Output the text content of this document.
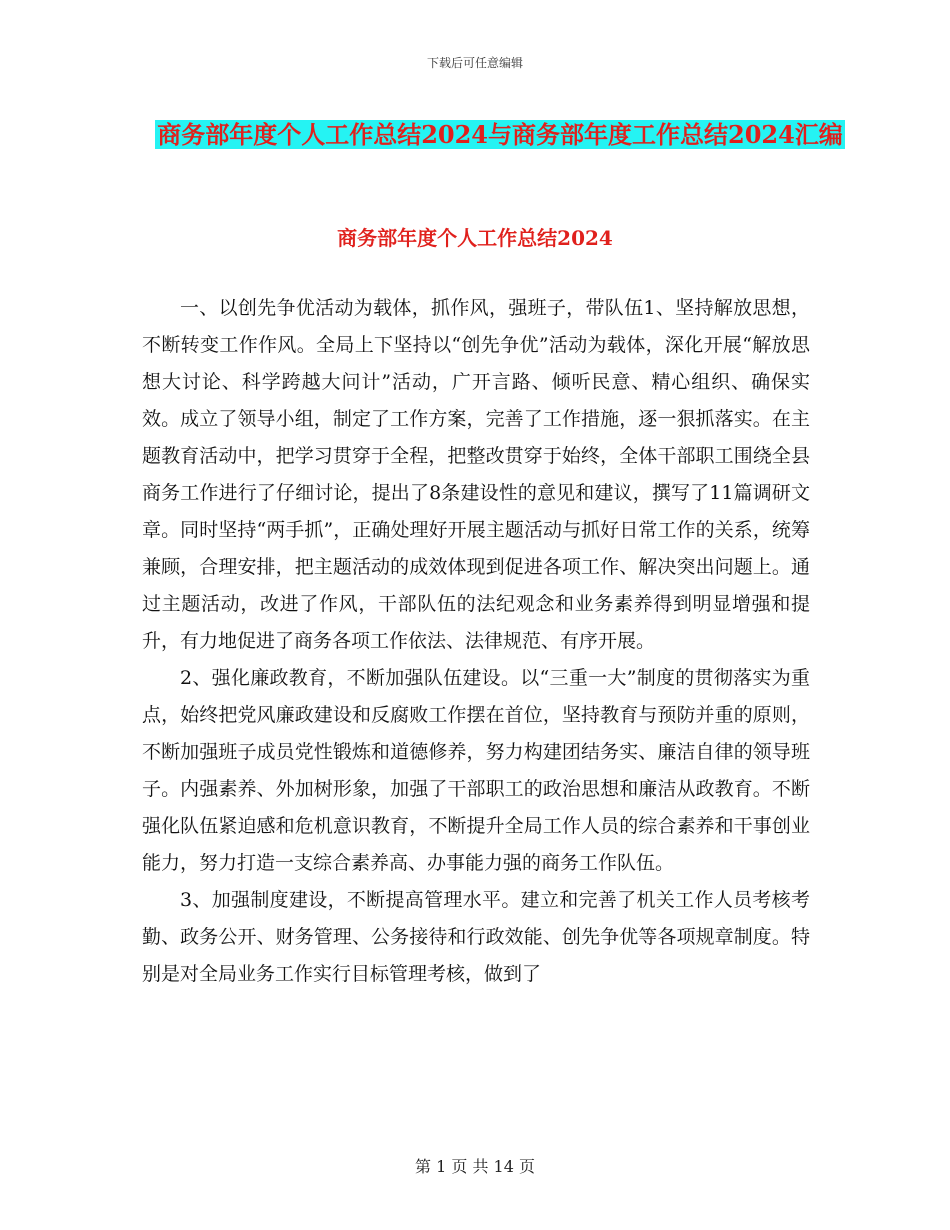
下载后可任意编辑
商务部年度个人工作总结2024与商务部年度工作总结2024汇编
商务部年度个人工作总结2024

一、以创先争优活动为载体，抓作风，强班子，带队伍1、坚持解放思想，不断转变工作作风。全局上下坚持以“创先争优”活动为载体，深化开展“解放思想大讨论、科学跨越大问计”活动，广开言路、倾听民意、精心组织、确保实效。成立了领导小组，制定了工作方案，完善了工作措施，逐一狠抓落实。在主题教育活动中，把学习贯穿于全程，把整改贯穿于始终，全体干部职工围绕全县商务工作进行了仔细讨论，提出了8条建设性的意见和建议，撰写了11篇调研文章。同时坚持“两手抓”，正确处理好开展主题活动与抓好日常工作的关系，统筹兼顾，合理安排，把主题活动的成效体现到促进各项工作、解决突出问题上。通过主题活动，改进了作风，干部队伍的法纪观念和业务素养得到明显增强和提升，有力地促进了商务各项工作依法、法律规范、有序开展。

2、强化廉政教育，不断加强队伍建设。以“三重一大”制度的贯彻落实为重点，始终把党风廉政建设和反腐败工作摆在首位，坚持教育与预防并重的原则，不断加强班子成员党性锻炼和道德修养，努力构建团结务实、廉洁自律的领导班子。内强素养、外加树形象，加强了干部职工的政治思想和廉洁从政教育。不断强化队伍紧迫感和危机意识教育，不断提升全局工作人员的综合素养和干事创业能力，努力打造一支综合素养高、办事能力强的商务工作队伍。

3、加强制度建设，不断提高管理水平。建立和完善了机关工作人员考核考勤、政务公开、财务管理、公务接待和行政效能、创先争优等各项规章制度。特别是对全局业务工作实行目标管理考核，做到了

第 1 页 共 14 页
